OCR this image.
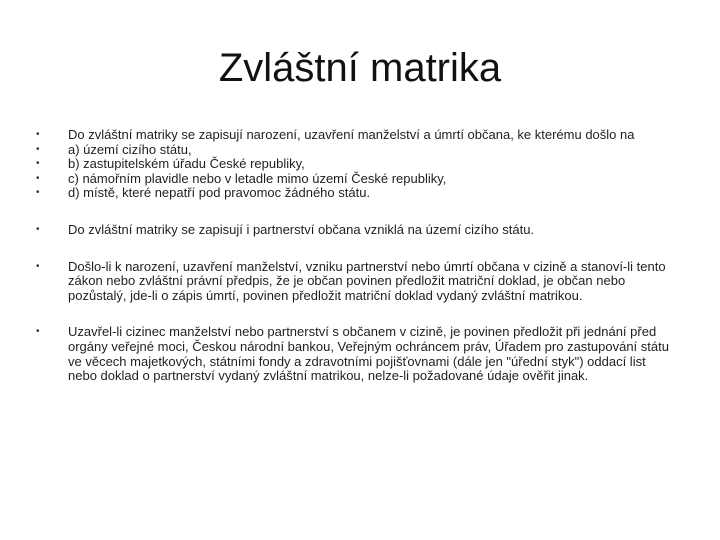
Zvláštní matrika
• Do zvláštní matriky se zapisují narození, uzavření manželství a úmrtí občana, ke kterému došlo na
• a) území cizího státu,
• b) zastupitelském úřadu České republiky,
• c) námořním plavidle nebo v letadle mimo území České republiky,
• d) místě, které nepatří pod pravomoc žádného státu.
• Do zvláštní matriky se zapisují i partnerství občana vzniklá na území cizího státu.
• Došlo-li k narození, uzavření manželství, vzniku partnerství nebo úmrtí občana v cizině a stanoví-li tento zákon nebo zvláštní právní předpis, že je občan povinen předložit matriční doklad, je občan nebo pozůstalý, jde-li o zápis úmrtí, povinen předložit matriční doklad vydaný zvláštní matrikou.
• Uzavřel-li cizinec manželství nebo partnerství s občanem v cizině, je povinen předložit při jednání před orgány veřejné moci, Českou národní bankou, Veřejným ochráncem práv, Úřadem pro zastupování státu ve věcech majetkových, státními fondy a zdravotními pojišťovnami (dále jen "úřední styk") oddací list nebo doklad o partnerství vydaný zvláštní matrikou, nelze-li požadované údaje ověřit jinak.
